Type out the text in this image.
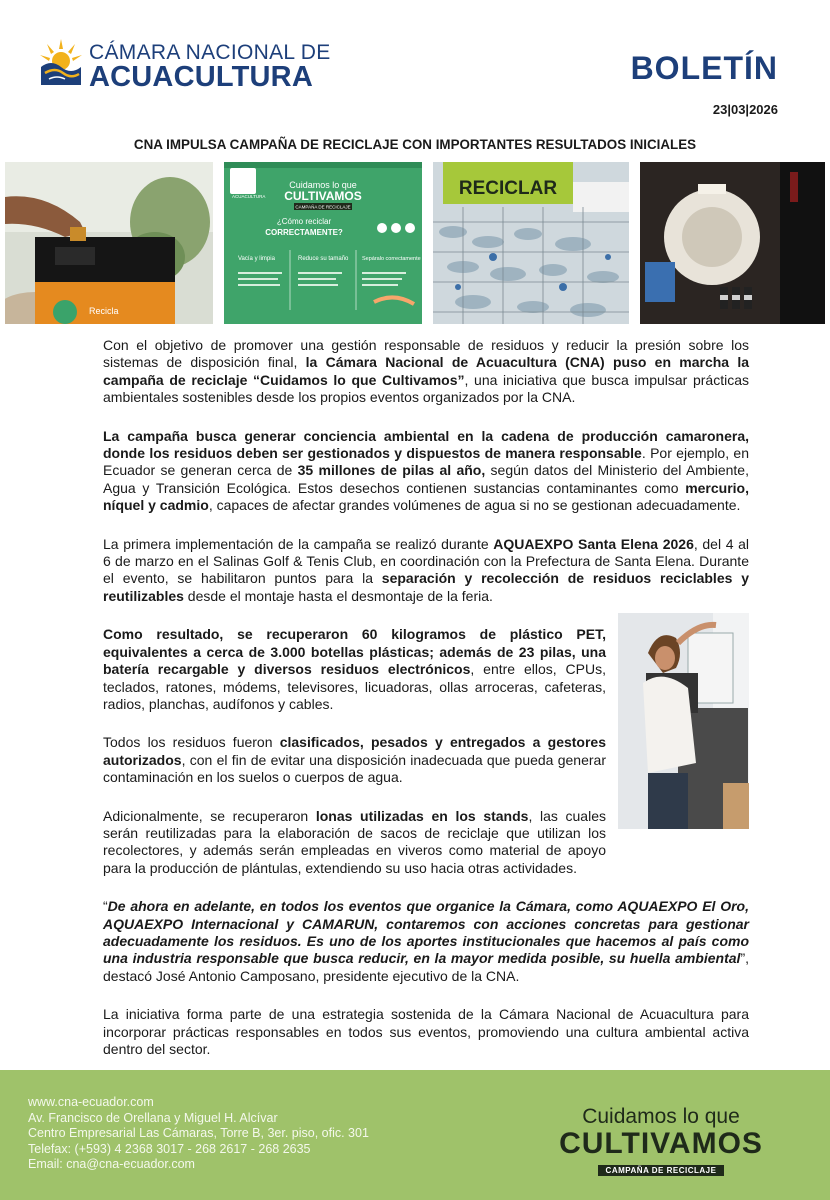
CÁMARA NACIONAL DE
ACUACULTURA	BOLETÍN
23|03|2026
CNA IMPULSA CAMPAÑA DE RECICLAJE CON IMPORTANTES RESULTADOS INICIALES
Recicla
ACUACULTURA
Cuidamos lo que
CULTIVAMOS
CAMPAÑA DE RECICLAJE
¿Cómo reciclar
CORRECTAMENTE?
Vacía y limpia	Reduce su tamaño Sepáralo correctamente
RECICLAR

Con el objetivo de promover una gestión responsable de residuos y reducir la presión sobre los sistemas de disposición final, la Cámara Nacional de Acuacultura (CNA) puso en marcha la campaña de reciclaje “Cuidamos lo que Cultivamos”, una iniciativa que busca impulsar prácticas ambientales sostenibles desde los propios eventos organizados por la CNA.

La campaña busca generar conciencia ambiental en la cadena de producción camaronera, donde los residuos deben ser gestionados y dispuestos de manera responsable. Por ejemplo, en Ecuador se generan cerca de 35 millones de pilas al año, según datos del Ministerio del Ambiente, Agua y Transición Ecológica. Estos desechos contienen sustancias contaminantes como mercurio, níquel y cadmio, capaces de afectar grandes volúmenes de agua si no se gestionan adecuadamente.

La primera implementación de la campaña se realizó durante AQUAEXPO Santa Elena 2026, del 4 al 6 de marzo en el Salinas Golf & Tenis Club, en coordinación con la Prefectura de Santa Elena. Durante el evento, se habilitaron puntos para la separación y recolección de residuos reciclables y reutilizables desde el montaje hasta el desmontaje de la feria.

Como resultado, se recuperaron 60 kilogramos de plástico PET, equivalentes a cerca de 3.000 botellas plásticas; además de 23 pilas, una batería recargable y diversos residuos electrónicos, entre ellos, CPUs, teclados, ratones, módems, televisores, licuadoras, ollas arroceras, cafeteras, radios, planchas, audífonos y cables.

Todos los residuos fueron clasificados, pesados y entregados a gestores autorizados, con el fin de evitar una disposición inadecuada que pueda generar contaminación en los suelos o cuerpos de agua.

Adicionalmente, se recuperaron lonas utilizadas en los stands, las cuales serán reutilizadas para la elaboración de sacos de reciclaje que utilizan los recolectores, y además serán empleadas en viveros como material de apoyo para la producción de plántulas, extendiendo su uso hacia otras actividades.

“De ahora en adelante, en todos los eventos que organice la Cámara, como AQUAEXPO El Oro, AQUAEXPO Internacional y CAMARUN, contaremos con acciones concretas para gestionar adecuadamente los residuos. Es uno de los aportes institucionales que hacemos al país como una industria responsable que busca reducir, en la mayor medida posible, su huella ambiental”, destacó José Antonio Camposano, presidente ejecutivo de la CNA.

La iniciativa forma parte de una estrategia sostenida de la Cámara Nacional de Acuacultura para incorporar prácticas responsables en todos sus eventos, promoviendo una cultura ambiental activa dentro del sector.

www.cna-ecuador.com
Av. Francisco de Orellana y Miguel H. Alcívar
Centro Empresarial Las Cámaras, Torre B, 3er. piso, ofic. 301
Telefax: (+593) 4 2368 3017 - 268 2617 - 268 2635
Email: cna@cna-ecuador.com
Cuidamos lo que
CULTIVAMOS
CAMPAÑA DE RECICLAJE
